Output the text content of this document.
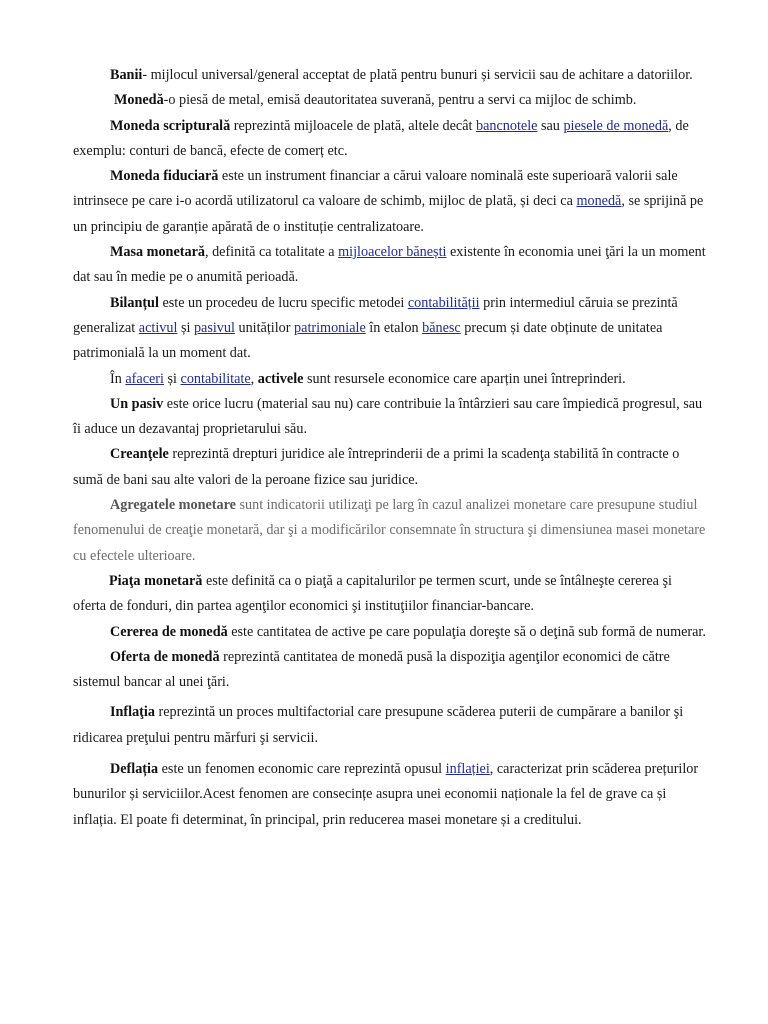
Banii- mijlocul universal/general acceptat de plată pentru bunuri și servicii sau de achitare a datoriilor.

Monedă-o piesă de metal, emisă deautoritatea suverană, pentru a servi ca mijloc de schimb.

Moneda scripturală reprezintă mijloacele de plată, altele decât bancnotele sau piesele de monedă, de exemplu: conturi de bancă, efecte de comerț etc.

Moneda fiduciară este un instrument financiar a cărui valoare nominală este superioară valorii sale intrinsece pe care i-o acordă utilizatorul ca valoare de schimb, mijloc de plată, și deci ca monedă, se sprijină pe un principiu de garanție apărată de o instituție centralizatoare.

Masa monetară, definită ca totalitate a mijloacelor bănești existente în economia unei ţări la un moment dat sau în medie pe o anumită perioadă.

Bilanțul este un procedeu de lucru specific metodei contabilității prin intermediul căruia se prezintă generalizat activul și pasivul unităților patrimoniale în etalon bănesc precum și date obținute de unitatea patrimonială la un moment dat.

În afaceri și contabilitate, activele sunt resursele economice care aparțin unei întreprinderi.

Un pasiv este orice lucru (material sau nu) care contribuie la întârzieri sau care împiedică progresul, sau îi aduce un dezavantaj proprietarului său.

Creanţele reprezintă drepturi juridice ale întreprinderii de a primi la scadenţa stabilită în contracte o sumă de bani sau alte valori de la peroane fizice sau juridice.

Agregatele monetare sunt indicatorii utilizaţi pe larg în cazul analizei monetare care presupune studiul fenomenului de creaţie monetară, dar şi a modificărilor consemnate în structura şi dimensiunea masei monetare cu efectele ulterioare.

Piaţa monetară este definită ca o piaţă a capitalurilor pe termen scurt, unde se întâlneşte cererea şi oferta de fonduri, din partea agenţilor economici şi instituţiilor financiar-bancare.

Cererea de monedă este cantitatea de active pe care populaţia doreşte să o deţină sub formă de numerar.

Oferta de monedă reprezintă cantitatea de monedă pusă la dispoziţia agenţilor economici de către sistemul bancar al unei ţări.

Inflaţia reprezintă un proces multifactorial care presupune scăderea puterii de cumpărare a banilor şi ridicarea preţului pentru mărfuri şi servicii.

Deflația este un fenomen economic care reprezintă opusul inflației, caracterizat prin scăderea prețurilor bunurilor și serviciilor.Acest fenomen are consecințe asupra unei economii naționale la fel de grave ca și inflația. El poate fi determinat, în principal, prin reducerea masei monetare și a creditului.
